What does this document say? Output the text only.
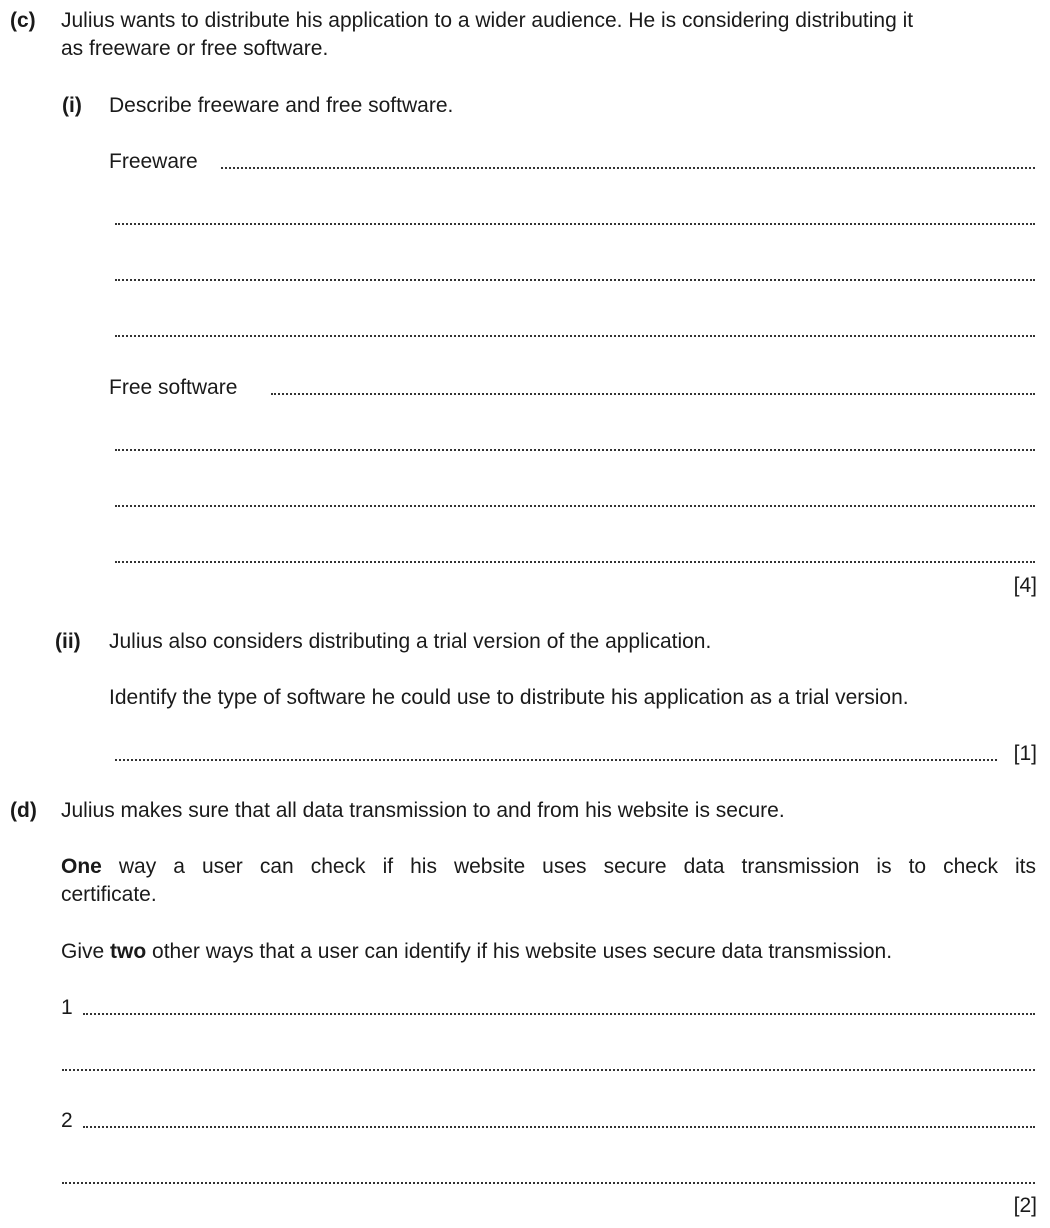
(c) Julius wants to distribute his application to a wider audience. He is considering distributing it
as freeware or free software.
(i) Describe freeware and free software.
Freeware
Free software
[4]
(ii) Julius also considers distributing a trial version of the application.
Identify the type of software he could use to distribute his application as a trial version.
[1]
(d) Julius makes sure that all data transmission to and from his website is secure.
One way a user can check if his website uses secure data transmission is to check its
certificate.
Give two other ways that a user can identify if his website uses secure data transmission.
1
2
[2]
